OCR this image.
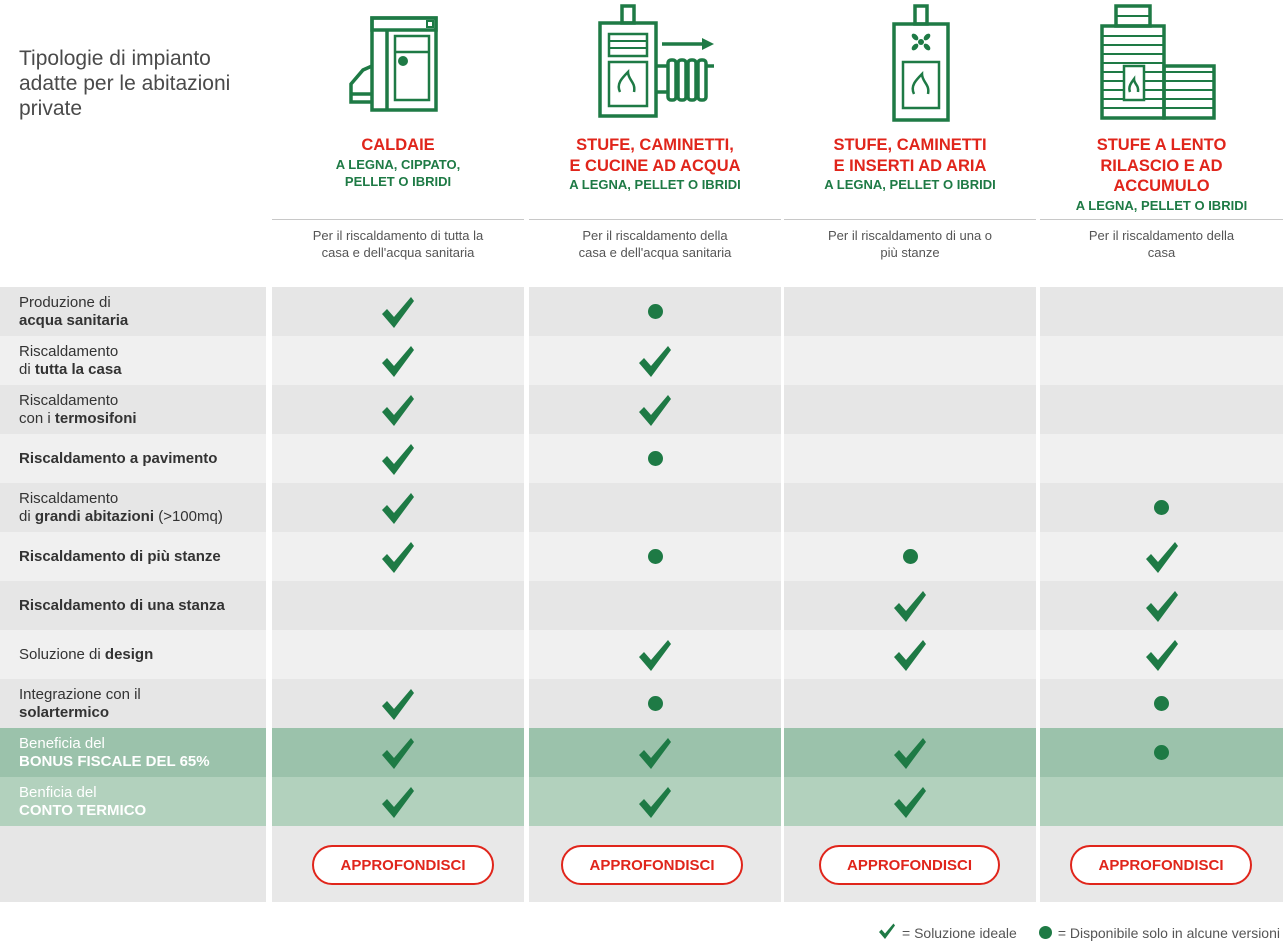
Tipologie di impianto adatte per le abitazioni private
CALDAIE
A LEGNA, CIPPATO,
PELLET O IBRIDI
Per il riscaldamento di tutta la casa e dell'acqua sanitaria
APPROFONDISCI
STUFE, CAMINETTI,
E CUCINE AD ACQUA
A LEGNA, PELLET O IBRIDI
Per il riscaldamento della casa e dell'acqua sanitaria
APPROFONDISCI
STUFE, CAMINETTI
E INSERTI AD ARIA
A LEGNA, PELLET O IBRIDI
Per il riscaldamento di una o più stanze
APPROFONDISCI
STUFE A LENTO
RILASCIO E AD
ACCUMULO
A LEGNA, PELLET O IBRIDI
Per il riscaldamento della casa
APPROFONDISCI
Produzione di
acqua sanitaria
Riscaldamento
di tutta la casa
Riscaldamento
con i termosifoni
Riscaldamento a pavimento
Riscaldamento
di grandi abitazioni (>100mq)
Riscaldamento di più stanze
Riscaldamento di una stanza
Soluzione di design
Integrazione con il
solartermico
Beneficia del
BONUS FISCALE DEL 65%
Benficia del
CONTO TERMICO
= Soluzione ideale	= Disponibile solo in alcune versioni
